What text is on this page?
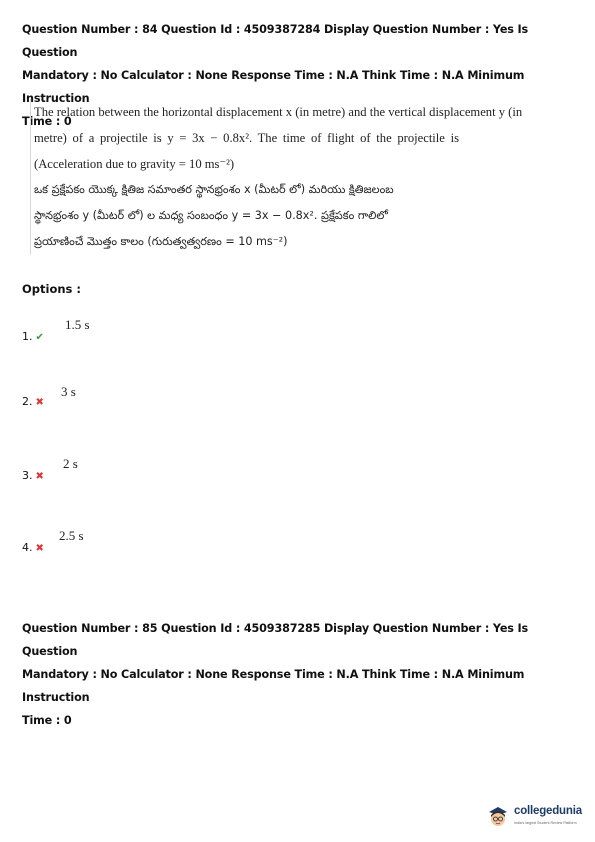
Question Number : 84 Question Id : 4509387284 Display Question Number : Yes Is Question
Mandatory : No Calculator : None Response Time : N.A Think Time : N.A Minimum Instruction
Time : 0

The relation between the horizontal displacement x (in metre) and the vertical displacement y (in

metre) of a projectile is y = 3x − 0.8x². The time of flight of the projectile is

(Acceleration due to gravity = 10 ms⁻²)

ఒక ప్రక్షేపకం యొక్క క్షితిజ సమాంతర స్థానభ్రంశం x (మీటర్ లో) మరియు క్షితిజలంబ

స్థానభ్రంశం y (మీటర్ లో) ల మధ్య సంబంధం y = 3x − 0.8x². ప్రక్షేపకం గాలిలో

ప్రయాణించే మొత్తం కాలం (గురుత్వత్వరణం = 10 ms⁻²)

Options :
1. ✔
1.5 s
2. ✖
3 s
3. ✖
2 s
4. ✖
2.5 s
Question Number : 85 Question Id : 4509387285 Display Question Number : Yes Is Question
Mandatory : No Calculator : None Response Time : N.A Think Time : N.A Minimum Instruction
Time : 0
collegedunia
India's largest Student Review Platform
